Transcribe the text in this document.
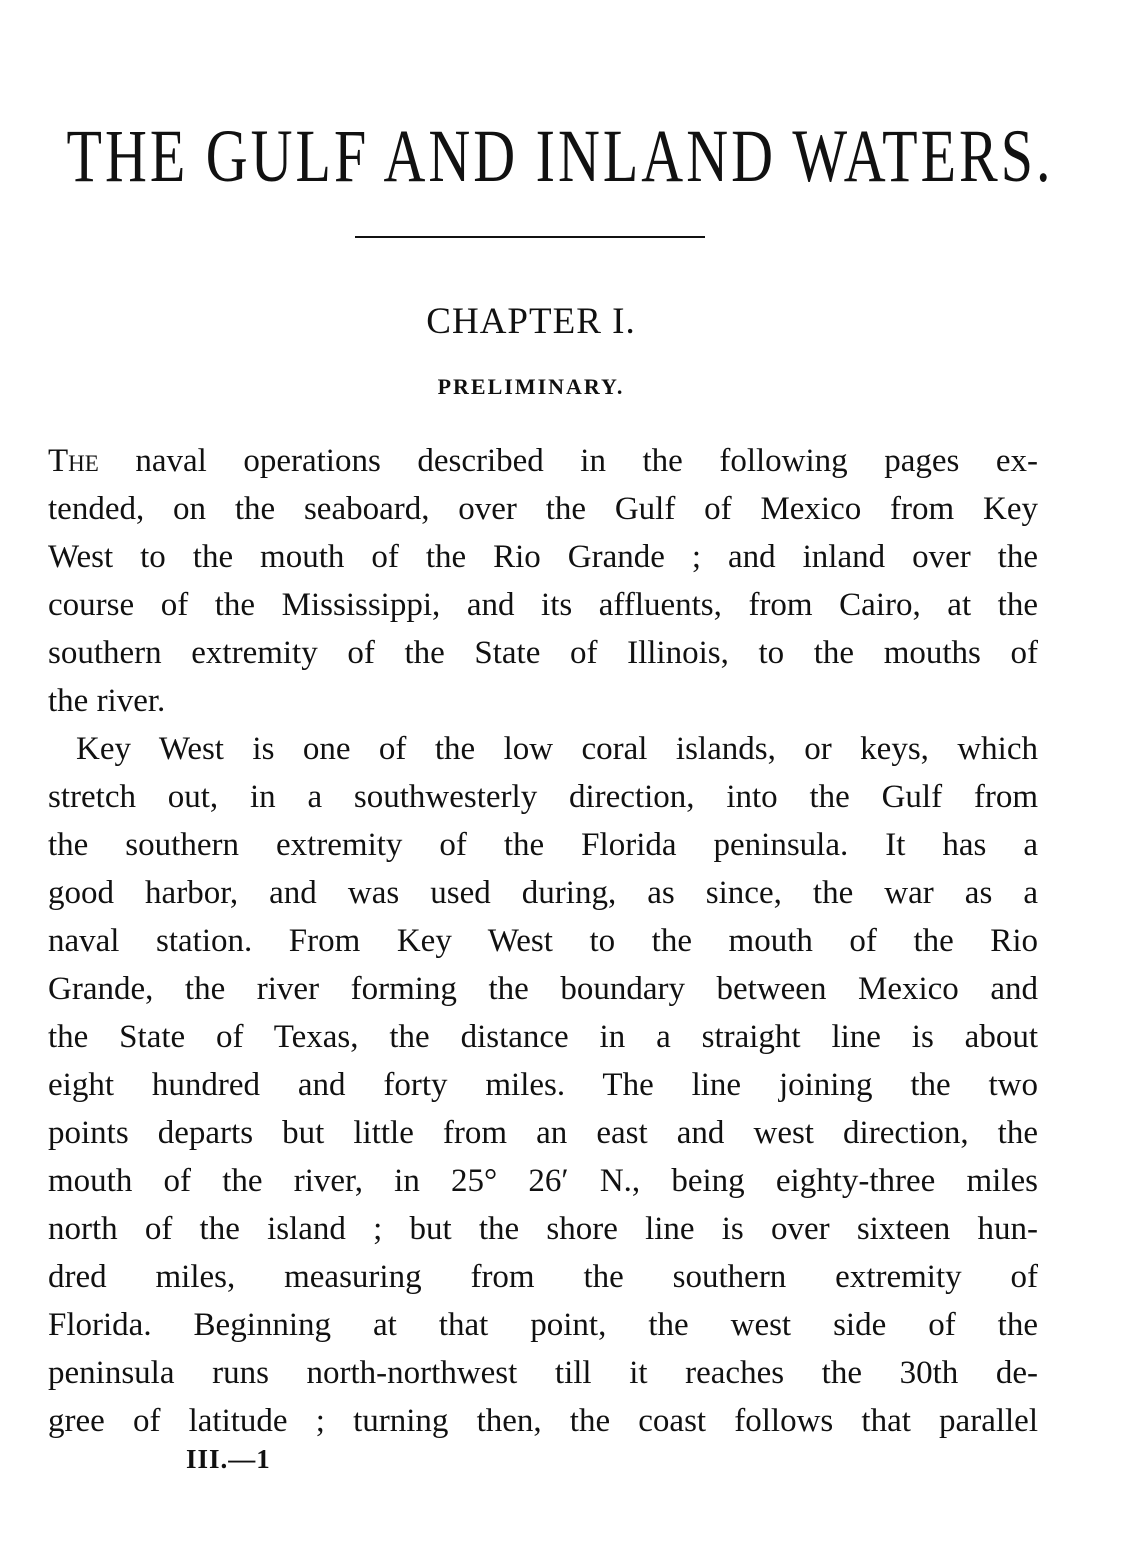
THE GULF AND INLAND WATERS.
CHAPTER I.
PRELIMINARY.
The naval operations described in the following pages ex-
tended, on the seaboard, over the Gulf of Mexico from Key
West to the mouth of the Rio Grande ; and inland over the
course of the Mississippi, and its affluents, from Cairo, at the
southern extremity of the State of Illinois, to the mouths of
the river.
Key West is one of the low coral islands, or keys, which
stretch out, in a southwesterly direction, into the Gulf from
the southern extremity of the Florida peninsula. It has a
good harbor, and was used during, as since, the war as a
naval station. From Key West to the mouth of the Rio
Grande, the river forming the boundary between Mexico and
the State of Texas, the distance in a straight line is about
eight hundred and forty miles. The line joining the two
points departs but little from an east and west direction, the
mouth of the river, in 25° 26′ N., being eighty-three miles
north of the island ; but the shore line is over sixteen hun-
dred miles, measuring from the southern extremity of
Florida. Beginning at that point, the west side of the
peninsula runs north-northwest till it reaches the 30th de-
gree of latitude ; turning then, the coast follows that parallel
III.—1
